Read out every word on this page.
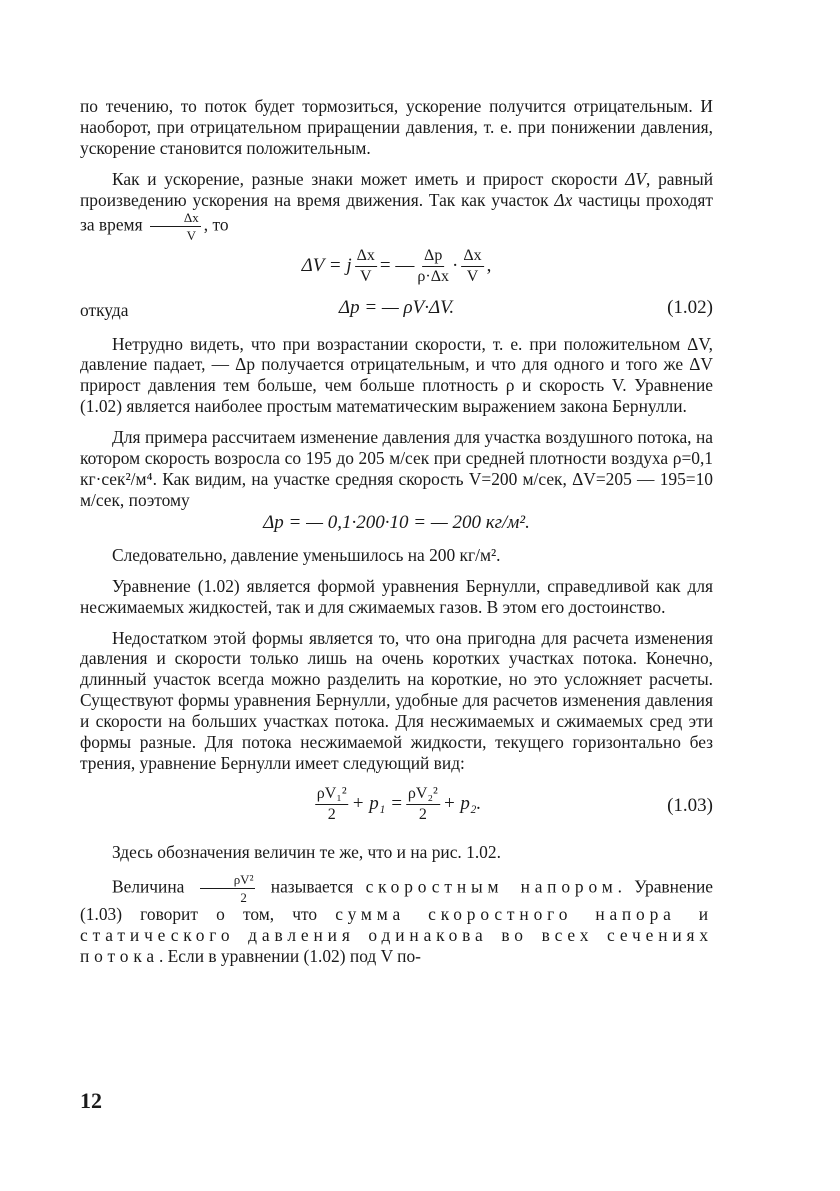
по течению, то поток будет тормозиться, ускорение получится отрицательным. И наоборот, при отрицательном приращении давления, т. е. при понижении давления, ускорение становится положительным.

Как и ускорение, разные знаки может иметь и прирост скорости ΔV, равный произведению ускорения на время движения. Так как участок Δx частицы проходят за время $\frac{\Delta x}{V}$ , то

ΔV = j $\frac{\Delta x}{V}$ = — $\frac{\Delta p}{\rho\cdot\Delta x} \cdot \frac{\Delta x}{V}$ ,
откуда	Δp = — ρV·ΔV.	(1.02)

Нетрудно видеть, что при возрастании скорости, т. е. при положительном ΔV, давление падает, — Δp получается отрицательным, и что для одного и того же ΔV прирост давления тем больше, чем больше плотность ρ и скорость V. Уравнение (1.02) является наиболее простым математическим выражением закона Бернулли.

Для примера рассчитаем изменение давления для участка воздушного потока, на котором скорость возросла со 195 до 205 м/сек при средней плотности воздуха ρ=0,1 кг·сек²/м⁴. Как видим, на участке средняя скорость V=200 м/сек, ΔV=205 — 195=10 м/сек, поэтому

Δp = — 0,1·200·10 = — 200 кг/м².

Следовательно, давление уменьшилось на 200 кг/м².

Уравнение (1.02) является формой уравнения Бернулли, справедливой как для несжимаемых жидкостей, так и для сжимаемых газов. В этом его достоинство.

Недостатком этой формы является то, что она пригодна для расчета изменения давления и скорости только лишь на очень коротких участках потока. Конечно, длинный участок всегда можно разделить на короткие, но это усложняет расчеты. Существуют формы уравнения Бернулли, удобные для расчетов изменения давления и скорости на больших участках потока. Для несжимаемых и сжимаемых сред эти формы разные. Для потока несжимаемой жидкости, текущего горизонтально без трения, уравнение Бернулли имеет следующий вид:

$\frac{\text{ρV₁²}}{2} + p_1 = \frac{\text{ρV₂²}}{2} + p_2$.	(1.03)

Здесь обозначения величин те же, что и на рис. 1.02.

Величина $\frac{\text{ρV²}}{2}$ называется скоростным напором. Уравнение (1.03) говорит о том, что сумма скоростного напора и статического давления одинакова во всех сечениях потока. Если в уравнении (1.02) под V по-

12
